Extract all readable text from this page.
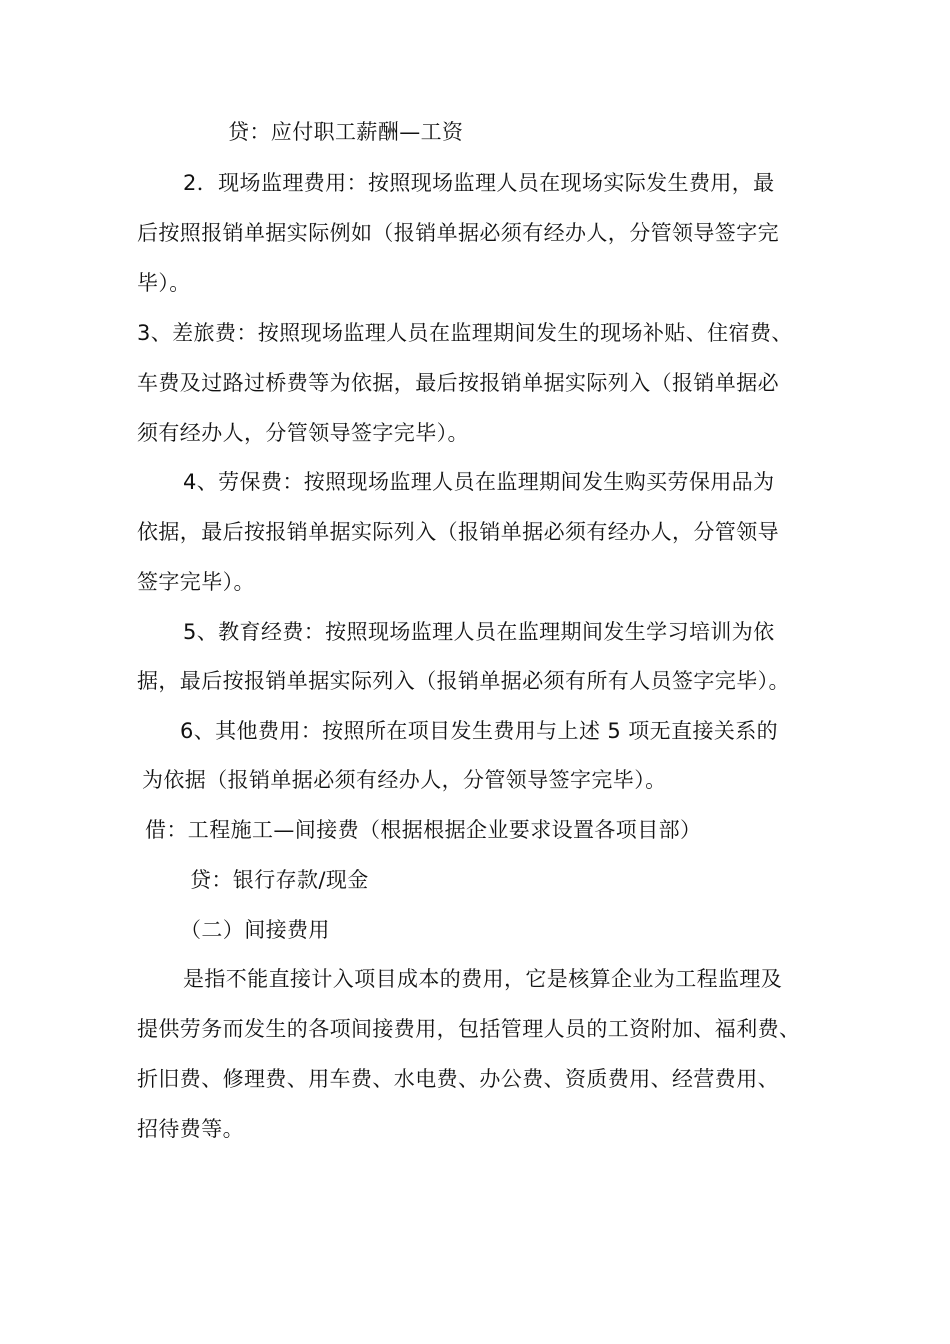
贷：应付职工薪酬—工资
2．现场监理费用：按照现场监理人员在现场实际发生费用，最
后按照报销单据实际例如（报销单据必须有经办人，分管领导签字完
毕）。
3、差旅费：按照现场监理人员在监理期间发生的现场补贴、住宿费、
车费及过路过桥费等为依据，最后按报销单据实际列入（报销单据必
须有经办人，分管领导签字完毕）。
4、劳保费：按照现场监理人员在监理期间发生购买劳保用品为
依据，最后按报销单据实际列入（报销单据必须有经办人，分管领导
签字完毕）。
5、教育经费：按照现场监理人员在监理期间发生学习培训为依
据，最后按报销单据实际列入（报销单据必须有所有人员签字完毕）。
6、其他费用：按照所在项目发生费用与上述 5 项无直接关系的
为依据（报销单据必须有经办人，分管领导签字完毕）。
借：工程施工—间接费（根据根据企业要求设置各项目部）
贷：银行存款/现金
（二）间接费用
是指不能直接计入项目成本的费用，它是核算企业为工程监理及
提供劳务而发生的各项间接费用，包括管理人员的工资附加、福利费、
折旧费、修理费、用车费、水电费、办公费、资质费用、经营费用、
招待费等。
